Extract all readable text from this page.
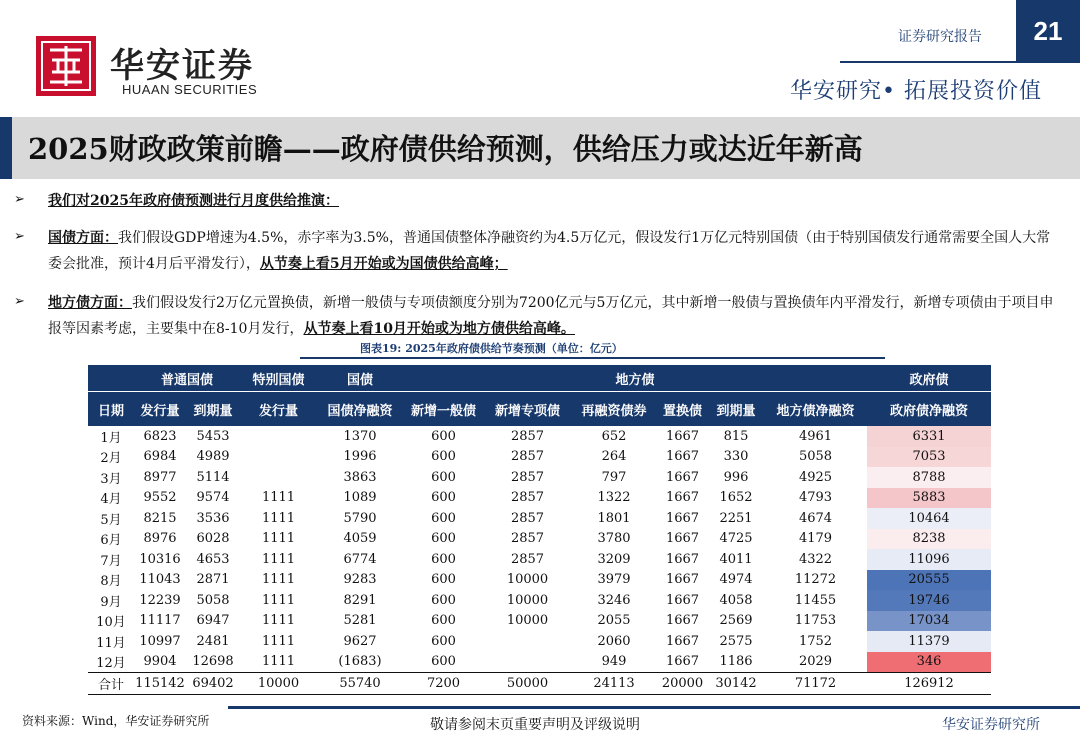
华安证券
HUAAN SECURITIES
证券研究报告	21
华安研究• 拓展投资价值
2025财政政策前瞻——政府债供给预测，供给压力或达近年新高
➢ 我们对2025年政府债预测进行月度供给推演：
➢ 国债方面：我们假设GDP增速为4.5%，赤字率为3.5%，普通国债整体净融资约为4.5万亿元，假设发行1万亿元特别国债（由于特别国债发行通常需要全国人大常委会批准，预计4月后平滑发行），从节奏上看5月开始或为国债供给高峰；
➢ 地方债方面：我们假设发行2万亿元置换债，新增一般债与专项债额度分别为7200亿元与5万亿元，其中新增一般债与置换债年内平滑发行，新增专项债由于项目申报等因素考虑，主要集中在8-10月发行，从节奏上看10月开始或为地方债供给高峰。
图表19: 2025年政府债供给节奏预测（单位：亿元）
	普通国债		特别国债	国债	地方债						政府债
日期	发行量	到期量	发行量	国债净融资	新增一般债	新增专项债	再融资债券	置换债	到期量	地方债净融资	政府债净融资
1月	6823	5453		1370	600	2857	652	1667	815	4961	6331
2月	6984	4989		1996	600	2857	264	1667	330	5058	7053
3月	8977	5114		3863	600	2857	797	1667	996	4925	8788
4月	9552	9574	1111	1089	600	2857	1322	1667	1652	4793	5883
5月	8215	3536	1111	5790	600	2857	1801	1667	2251	4674	10464
6月	8976	6028	1111	4059	600	2857	3780	1667	4725	4179	8238
7月	10316	4653	1111	6774	600	2857	3209	1667	4011	4322	11096
8月	11043	2871	1111	9283	600	10000	3979	1667	4974	11272	20555
9月	12239	5058	1111	8291	600	10000	3246	1667	4058	11455	19746
10月	11117	6947	1111	5281	600	10000	2055	1667	2569	11753	17034
11月	10997	2481	1111	9627	600		2060	1667	2575	1752	11379
12月	9904	12698	1111	(1683)	600		949	1667	1186	2029	346
合计	115142	69402	10000	55740	7200	50000	24113	20000	30142	71172	126912
资料来源：Wind，华安证券研究所	敬请参阅末页重要声明及评级说明	华安证券研究所
